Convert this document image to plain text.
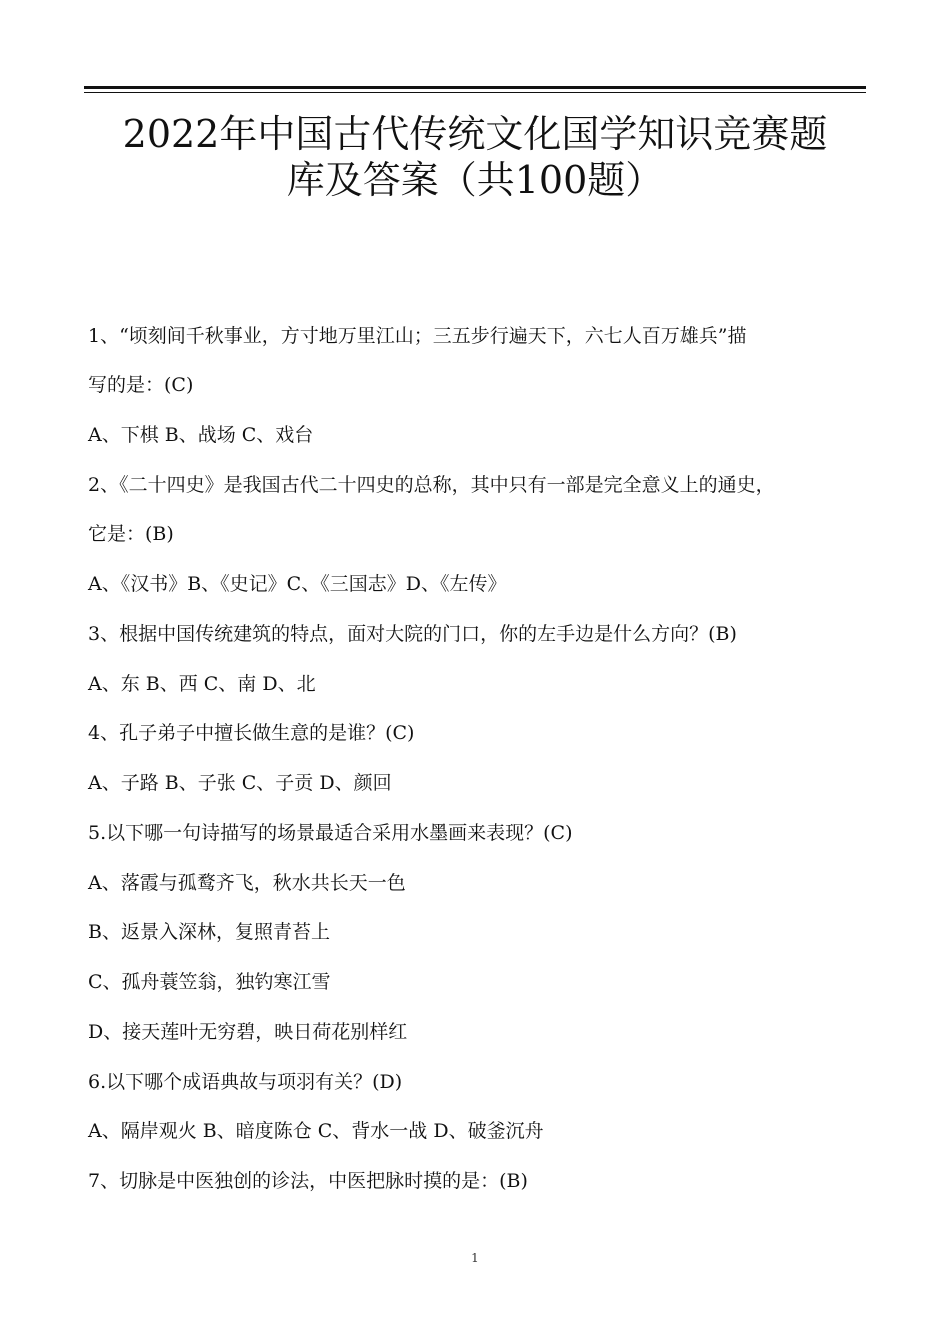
2022年中国古代传统文化国学知识竞赛题
库及答案（共100题）
1、“顷刻间千秋事业，方寸地万里江山；三五步行遍天下，六七人百万雄兵”描
写的是：(C)
A、下棋 B、战场 C、戏台
2、《二十四史》是我国古代二十四史的总称，其中只有一部是完全意义上的通史，
它是：(B)
A、《汉书》B、《史记》C、《三国志》D、《左传》
3、根据中国传统建筑的特点，面对大院的门口，你的左手边是什么方向？(B)
A、东 B、西 C、南 D、北
4、孔子弟子中擅长做生意的是谁？(C)
A、子路 B、子张 C、子贡 D、颜回
5.以下哪一句诗描写的场景最适合采用水墨画来表现？(C)
A、落霞与孤鹜齐飞，秋水共长天一色
B、返景入深林，复照青苔上
C、孤舟蓑笠翁，独钓寒江雪
D、接天莲叶无穷碧，映日荷花别样红
6.以下哪个成语典故与项羽有关？(D)
A、隔岸观火 B、暗度陈仓 C、背水一战 D、破釜沉舟
7、切脉是中医独创的诊法，中医把脉时摸的是：(B)
1
